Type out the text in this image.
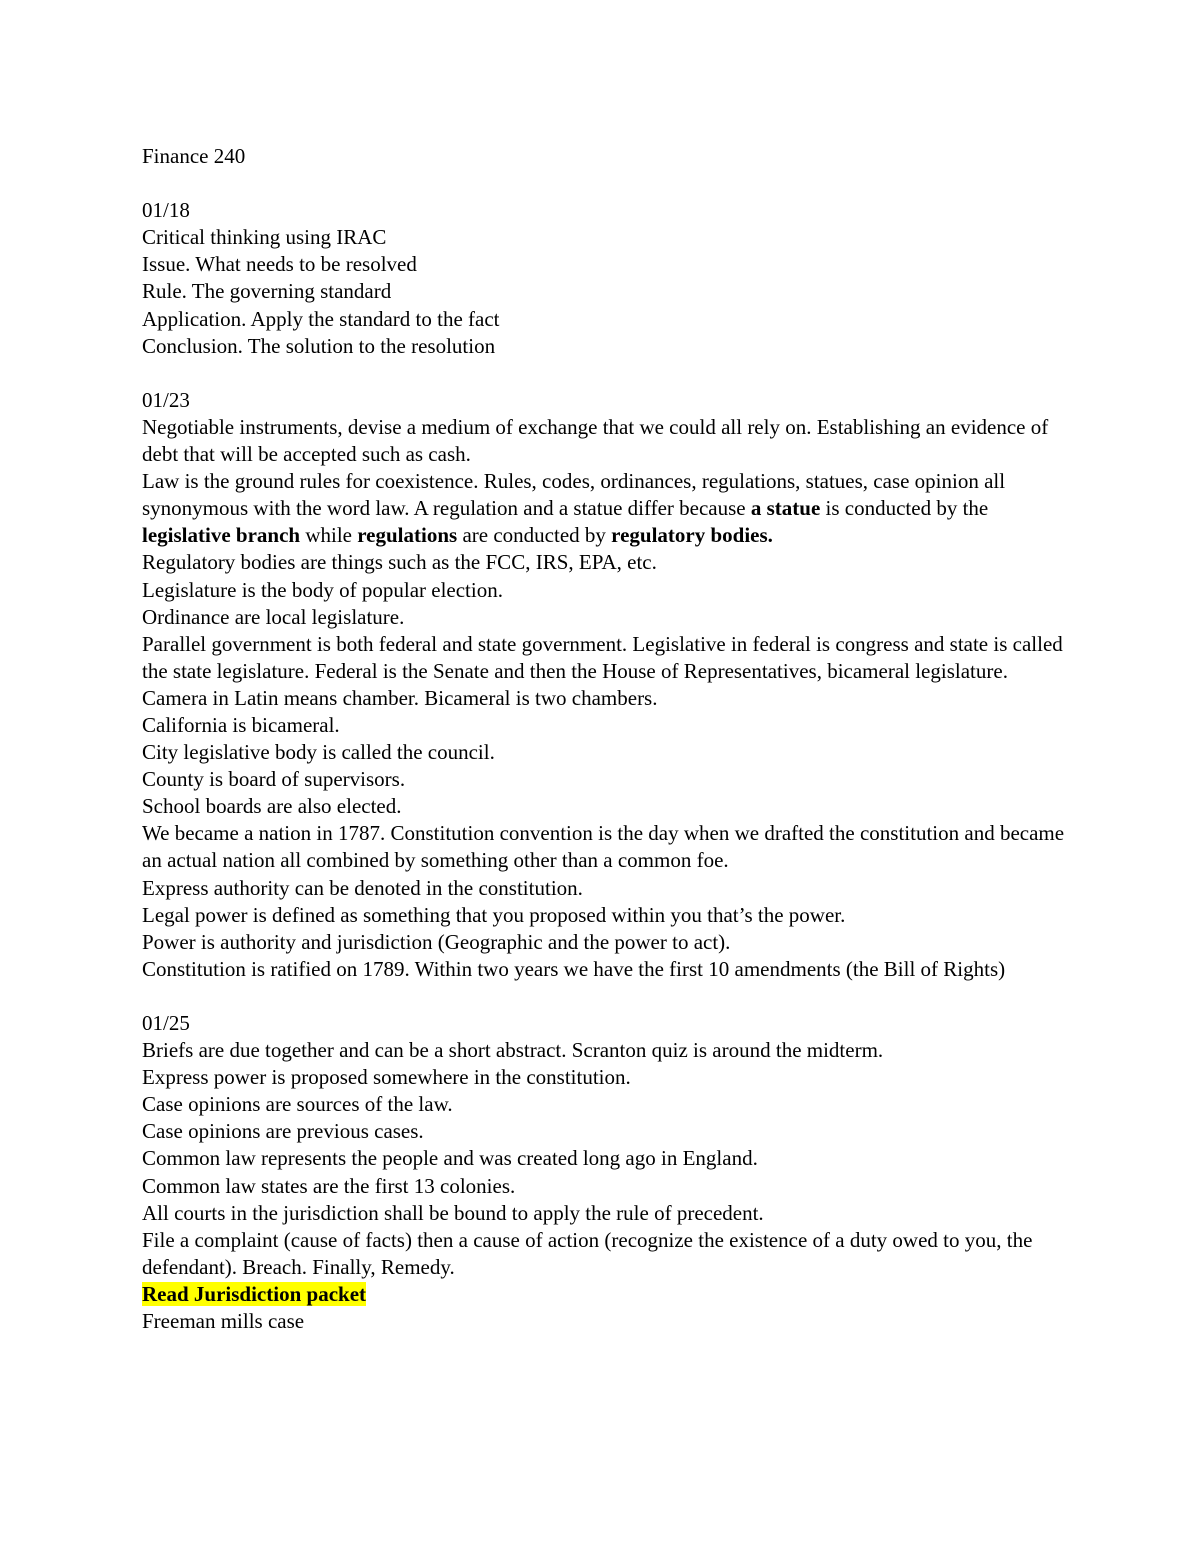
Finance 240

01/18

Critical thinking using IRAC

Issue. What needs to be resolved

Rule. The governing standard

Application. Apply the standard to the fact

Conclusion. The solution to the resolution

01/23

Negotiable instruments, devise a medium of exchange that we could all rely on. Establishing an evidence of debt that will be accepted such as cash.

Law is the ground rules for coexistence. Rules, codes, ordinances, regulations, statues, case opinion all synonymous with the word law. A regulation and a statue differ because a statue is conducted by the legislative branch while regulations are conducted by regulatory bodies.

Regulatory bodies are things such as the FCC, IRS, EPA, etc.

Legislature is the body of popular election.

Ordinance are local legislature.

Parallel government is both federal and state government. Legislative in federal is congress and state is called the state legislature. Federal is the Senate and then the House of Representatives, bicameral legislature.

Camera in Latin means chamber. Bicameral is two chambers.

California is bicameral.

City legislative body is called the council.

County is board of supervisors.

School boards are also elected.

We became a nation in 1787. Constitution convention is the day when we drafted the constitution and became an actual nation all combined by something other than a common foe.

Express authority can be denoted in the constitution.

Legal power is defined as something that you proposed within you that’s the power.

Power is authority and jurisdiction (Geographic and the power to act).

Constitution is ratified on 1789. Within two years we have the first 10 amendments (the Bill of Rights)

01/25

Briefs are due together and can be a short abstract. Scranton quiz is around the midterm.

Express power is proposed somewhere in the constitution.

Case opinions are sources of the law.

Case opinions are previous cases.

Common law represents the people and was created long ago in England.

Common law states are the first 13 colonies.

All courts in the jurisdiction shall be bound to apply the rule of precedent.

File a complaint (cause of facts) then a cause of action (recognize the existence of a duty owed to you, the defendant). Breach. Finally, Remedy.

Read Jurisdiction packet

Freeman mills case
